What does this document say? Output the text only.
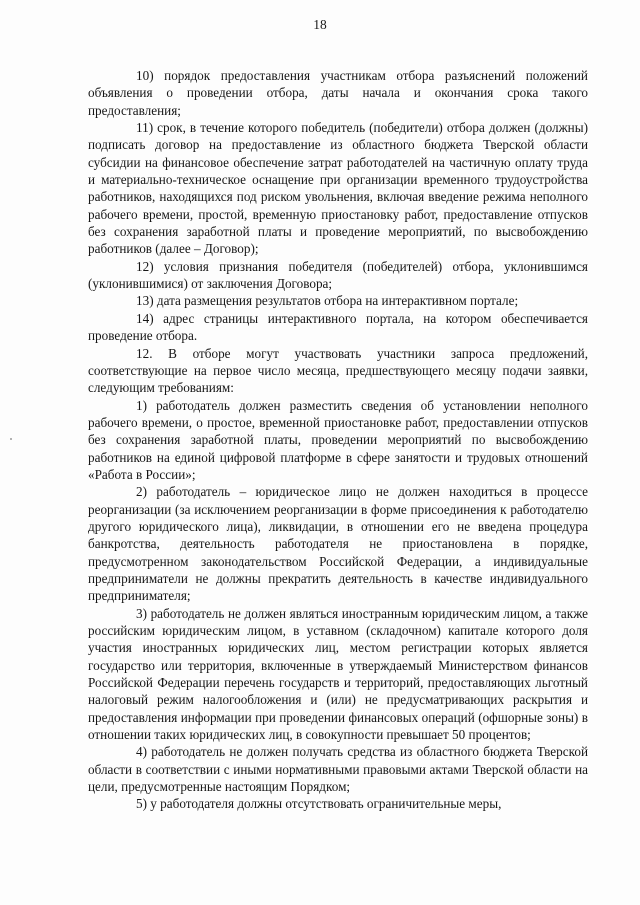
18

10) порядок предоставления участникам отбора разъяснений положений объявления о проведении отбора, даты начала и окончания срока такого предоставления;

11) срок, в течение которого победитель (победители) отбора должен (должны) подписать договор на предоставление из областного бюджета Тверской области субсидии на финансовое обеспечение затрат работодателей на частичную оплату труда и материально-техническое оснащение при организации временного трудоустройства работников, находящихся под риском увольнения, включая введение режима неполного рабочего времени, простой, временную приостановку работ, предоставление отпусков без сохранения заработной платы и проведение мероприятий, по высвобождению работников (далее – Договор);

12) условия признания победителя (победителей) отбора, уклонившимся (уклонившимися) от заключения Договора;

13) дата размещения результатов отбора на интерактивном портале;

14) адрес страницы интерактивного портала, на котором обеспечивается проведение отбора.

12. В отборе могут участвовать участники запроса предложений, соответствующие на первое число месяца, предшествующего месяцу подачи заявки, следующим требованиям:

1) работодатель должен разместить сведения об установлении неполного рабочего времени, о простое, временной приостановке работ, предоставлении отпусков без сохранения заработной платы, проведении мероприятий по высвобождению работников на единой цифровой платформе в сфере занятости и трудовых отношений «Работа в России»;

2) работодатель – юридическое лицо не должен находиться в процессе реорганизации (за исключением реорганизации в форме присоединения к работодателю другого юридического лица), ликвидации, в отношении его не введена процедура банкротства, деятельность работодателя не приостановлена в порядке, предусмотренном законодательством Российской Федерации, а индивидуальные предприниматели не должны прекратить деятельность в качестве индивидуального предпринимателя;

3) работодатель не должен являться иностранным юридическим лицом, а также российским юридическим лицом, в уставном (складочном) капитале которого доля участия иностранных юридических лиц, местом регистрации которых является государство или территория, включенные в утверждаемый Министерством финансов Российской Федерации перечень государств и территорий, предоставляющих льготный налоговый режим налогообложения и (или) не предусматривающих раскрытия и предоставления информации при проведении финансовых операций (офшорные зоны) в отношении таких юридических лиц, в совокупности превышает 50 процентов;

4) работодатель не должен получать средства из областного бюджета Тверской области в соответствии с иными нормативными правовыми актами Тверской области на цели, предусмотренные настоящим Порядком;

5) у работодателя должны отсутствовать ограничительные меры,
